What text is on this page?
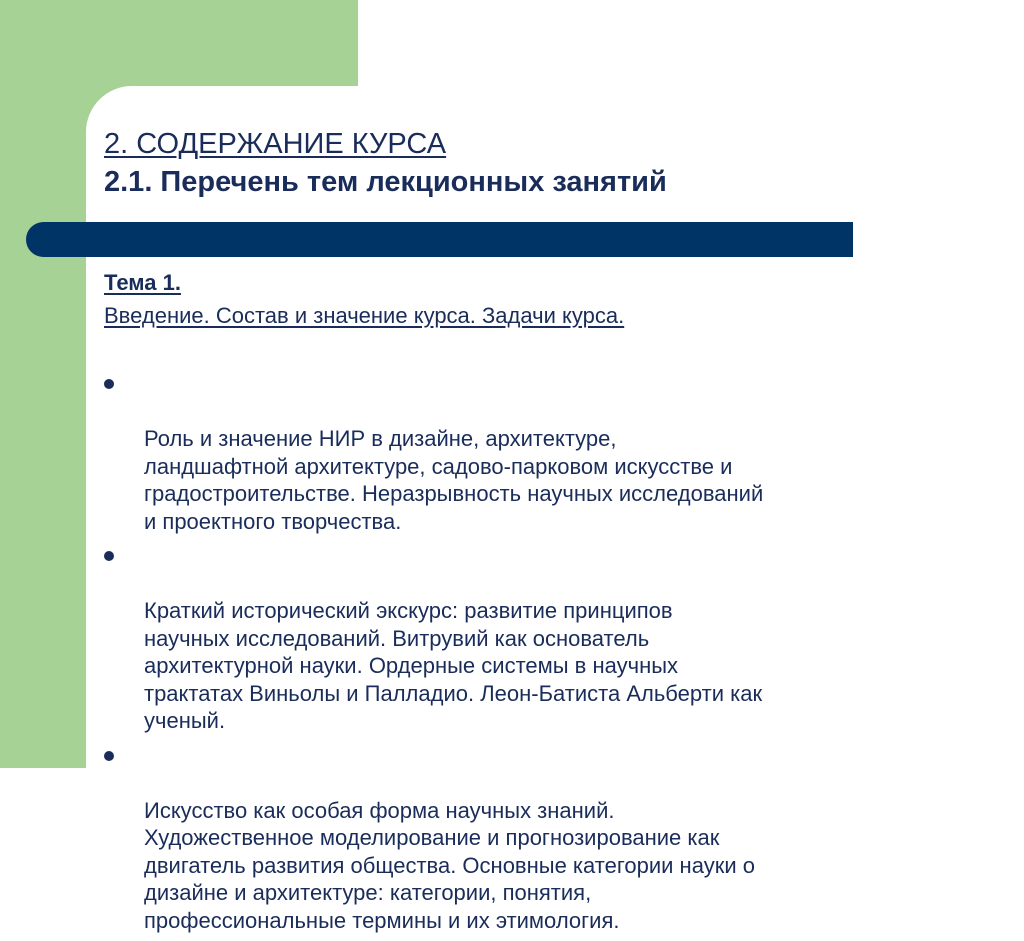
2. СОДЕРЖАНИЕ КУРСА
2.1. Перечень тем лекционных занятий
Тема 1.
Введение. Состав и значение курса. Задачи курса.

Роль и значение НИР в дизайне, архитектуре,
ландшафтной архитектуре, садово-парковом искусстве и
градостроительстве. Неразрывность научных исследований
и проектного творчества.

Краткий исторический экскурс: развитие принципов
научных исследований. Витрувий как основатель
архитектурной науки. Ордерные системы в научных
трактатах Виньолы и Палладио. Леон-Батиста Альберти как
ученый.

Искусство как особая форма научных знаний.
Художественное моделирование и прогнозирование как
двигатель развития общества. Основные категории науки о
дизайне и архитектуре: категории, понятия,
профессиональные термины и их этимология.
